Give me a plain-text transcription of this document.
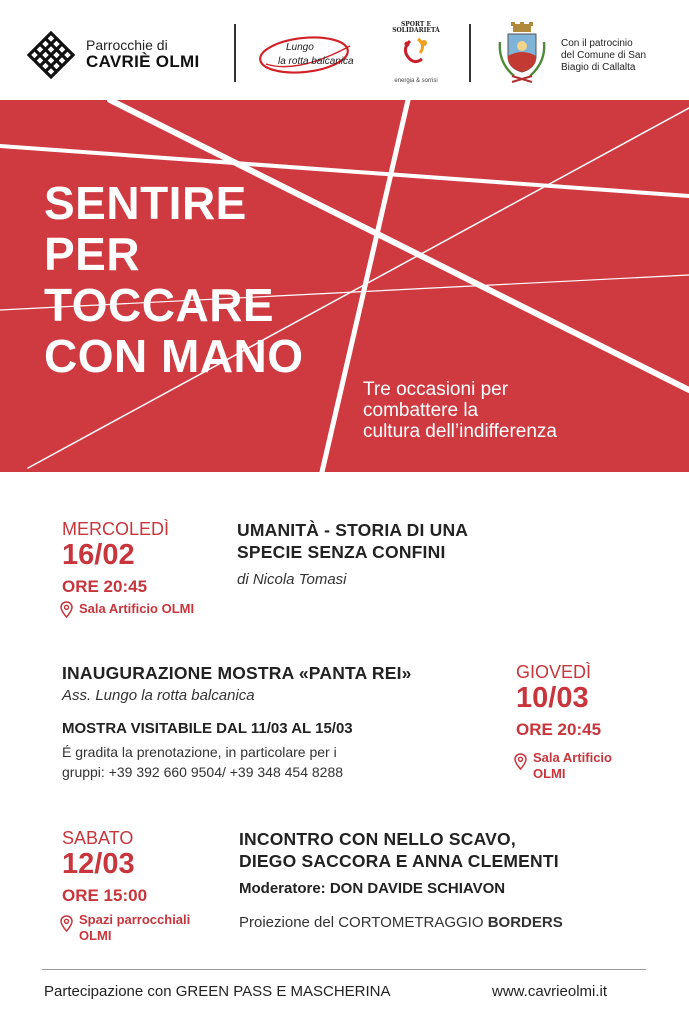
Parrocchie di
CAVRIÈ OLMI
Lungo
la rotta balcanica
SPORT E
SOLIDARIETÀ
energia & sorrisi
Con il patrocinio
del Comune di San
Biagio di Callalta
SENTIRE
PER
TOCCARE
CON MANO
Tre occasioni per
combattere la
cultura dell’indifferenza
MERCOLEDÌ
16/02
ORE 20:45
Sala Artificio OLMI
UMANITÀ - STORIA DI UNA
SPECIE SENZA CONFINI
di Nicola Tomasi
INAUGURAZIONE MOSTRA «PANTA REI»
Ass. Lungo la rotta balcanica
MOSTRA VISITABILE DAL 11/03 AL 15/03
É gradita la prenotazione, in particolare per i
gruppi: +39 392 660 9504/ +39 348 454 8288
GIOVEDÌ
10/03
ORE 20:45
Sala Artificio
OLMI
SABATO
12/03
ORE 15:00
Spazi parrocchiali
OLMI
INCONTRO CON NELLO SCAVO,
DIEGO SACCORA E ANNA CLEMENTI
Moderatore: DON DAVIDE SCHIAVON
Proiezione del CORTOMETRAGGIO BORDERS
Partecipazione con GREEN PASS E MASCHERINA	www.cavrieolmi.it
